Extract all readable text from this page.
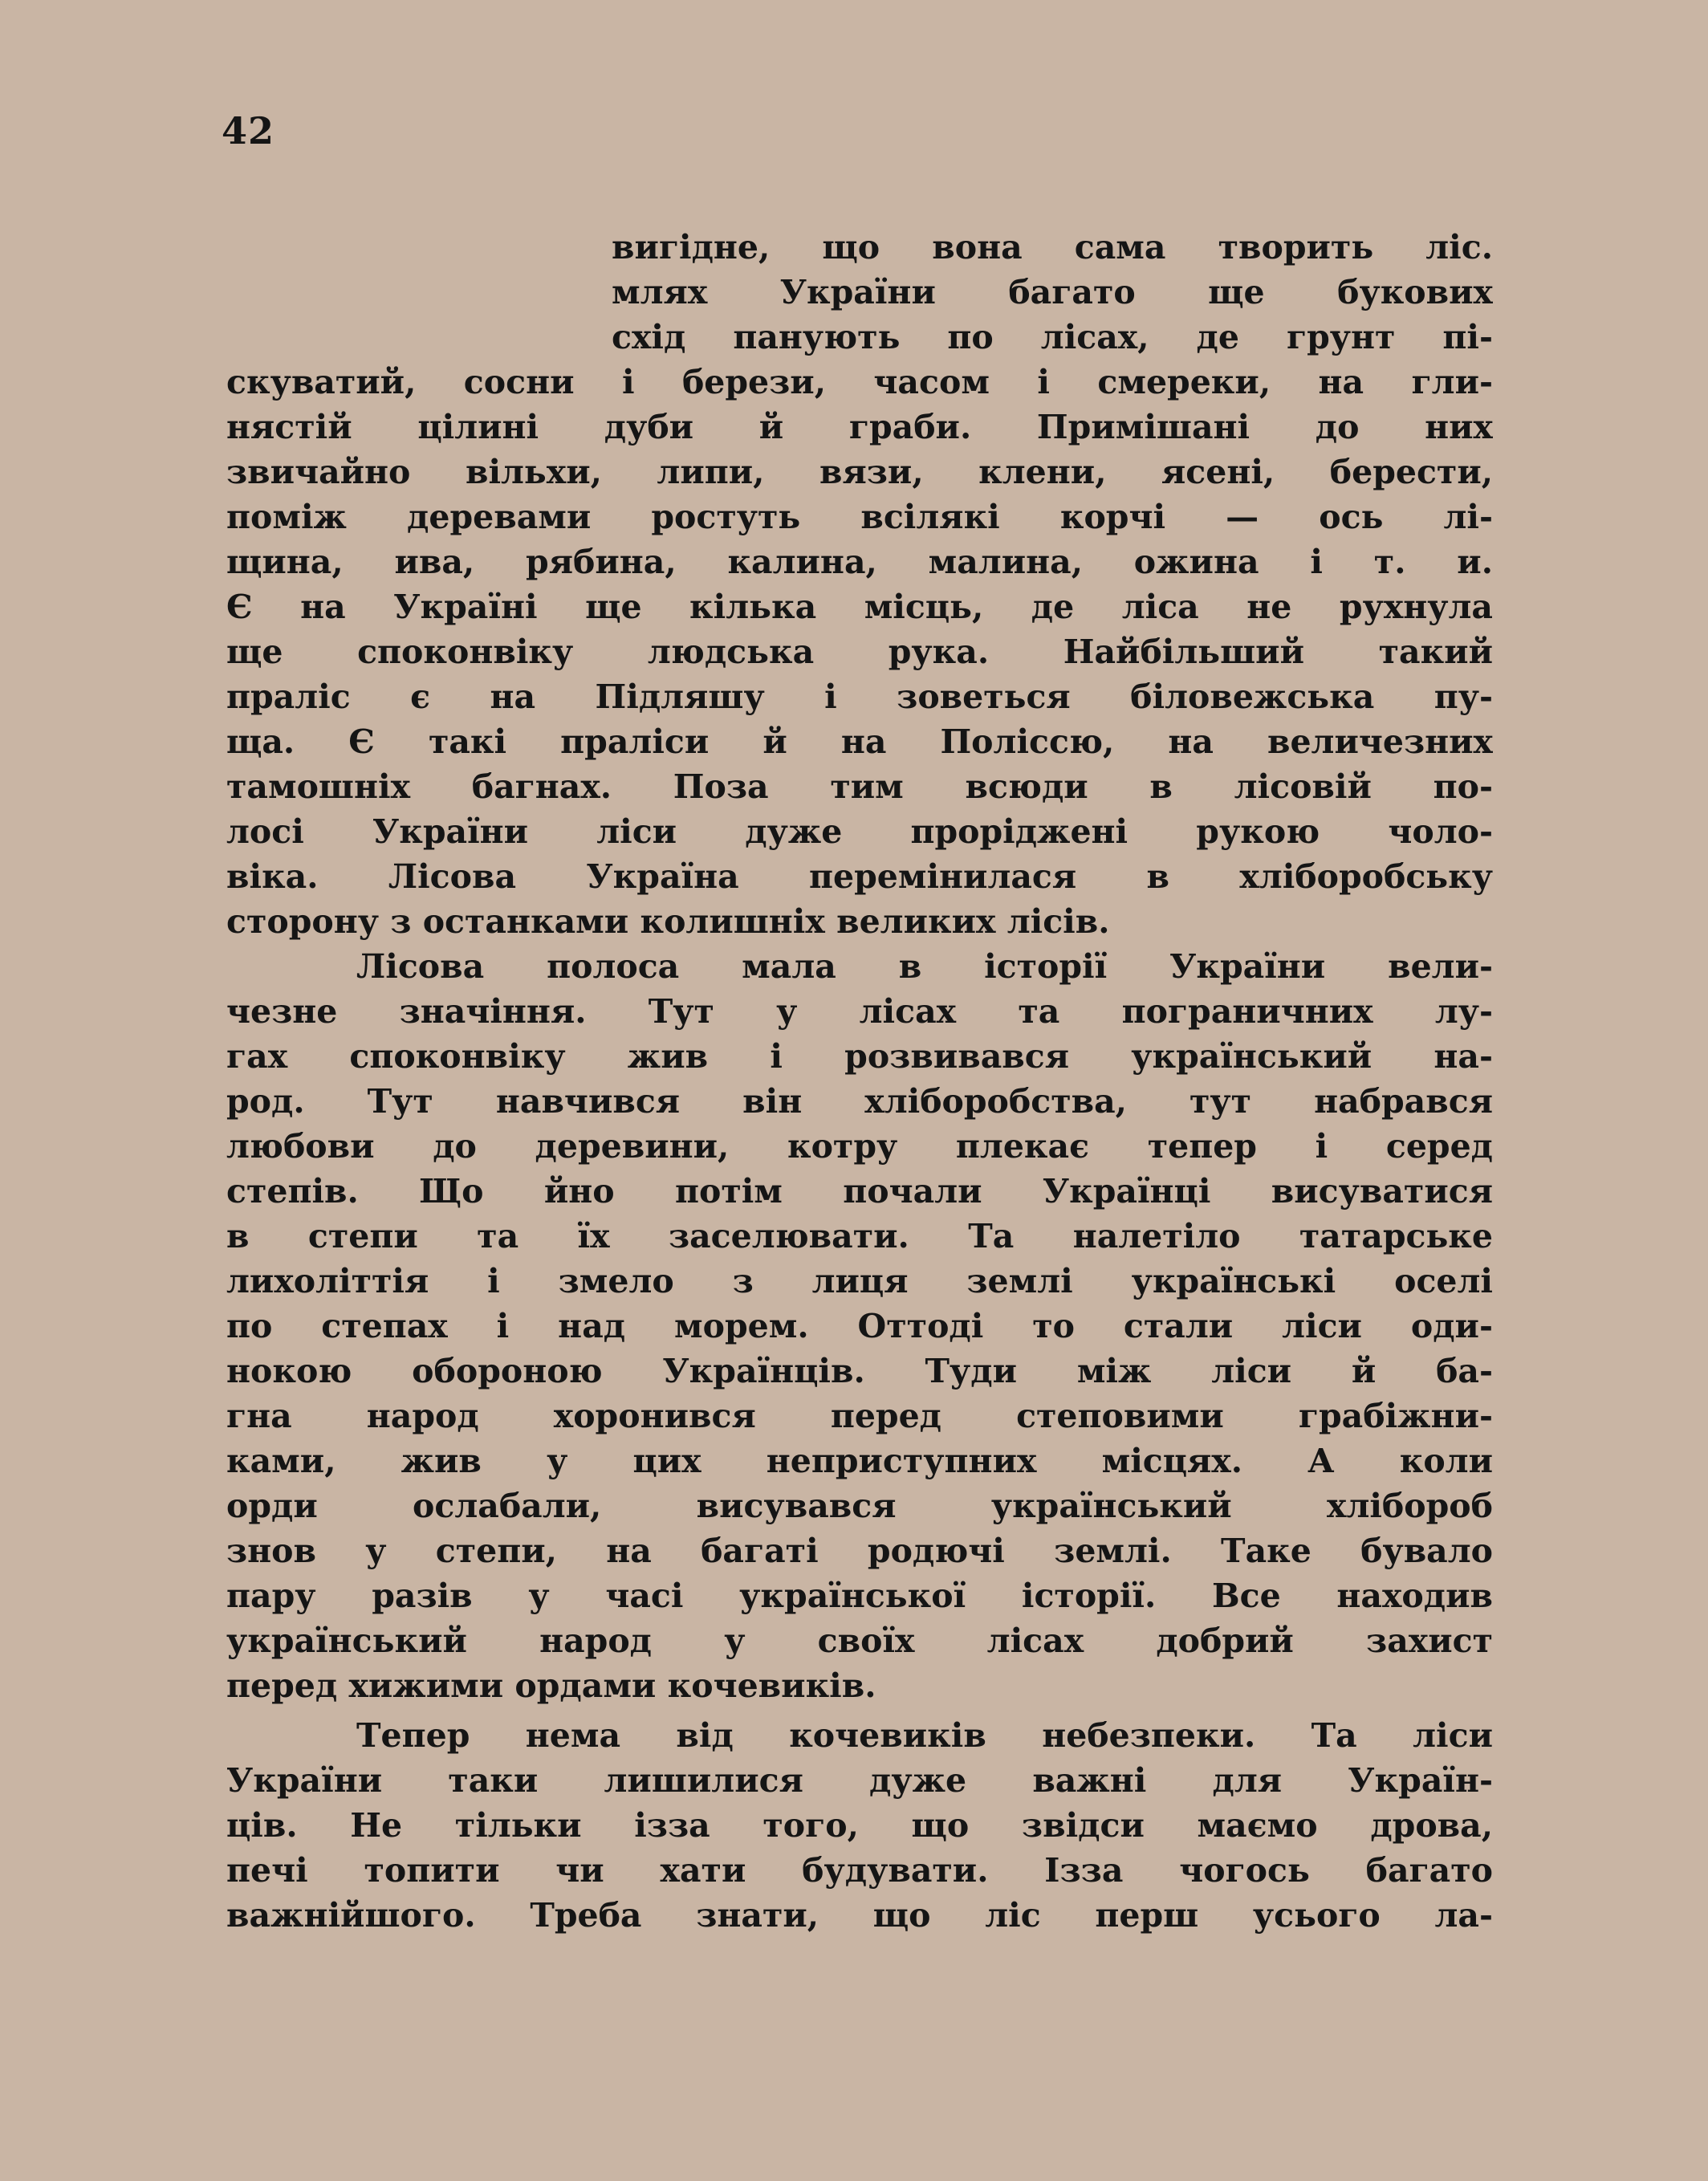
42
вигідне, що вона сама творить ліс.
млях України багато ще букових
схід панують по лісах, де грунт пі-
скуватий, сосни і берези, часом і смереки, на гли-
нястій цілині дуби й граби. Примішані до них
звичайно вільхи, липи, вязи, клени, ясені, берести,
поміж деревами ростуть всілякі корчі — ось лі-
щина, ива, рябина, калина, малина, ожина і т. и.
Є на Україні ще кілька місць, де ліса не рухнула
ще споконвіку людська рука. Найбільший такий
праліс є на Підляшу і зоветься біловежська пу-
ща. Є такі праліси й на Поліссю, на величезних
тамошніх багнах. Поза тим всюди в лісовій по-
лосі України ліси дуже проріджені рукою чоло-
віка. Лісова Україна перемінилася в хліборобську
сторону з останками колишніх великих лісів.
Лісова полоса мала в історії України вели-
чезне значіння. Тут у лісах та пограничних лу-
гах споконвіку жив і розвивався український на-
род. Тут навчився він хліборобства, тут набрався
любови до деревини, котру плекає тепер і серед
степів. Що йно потім почали Українці висуватися
в степи та їх заселювати. Та налетіло татарське
лихоліттія і змело з лиця землі українські оселі
по степах і над морем. Оттоді то стали ліси оди-
нокою обороною Українців. Туди між ліси й ба-
гна народ хоронився перед степовими грабіжни-
ками, жив у цих неприступних місцях. А коли
орди ослабали, висувався український хлібороб
знов у степи, на багаті родючі землі. Таке бувало
пару разів у часі української історії. Все находив
український народ у своїх лісах добрий захист
перед хижими ордами кочевиків.
Тепер нема від кочевиків небезпеки. Та ліси
України таки лишилися дуже важні для Україн-
ців. Не тільки ізза того, що звідси маємо дрова,
печі топити чи хати будувати. Ізза чогось багато
важнійшого. Треба знати, що ліс перш усього ла-
